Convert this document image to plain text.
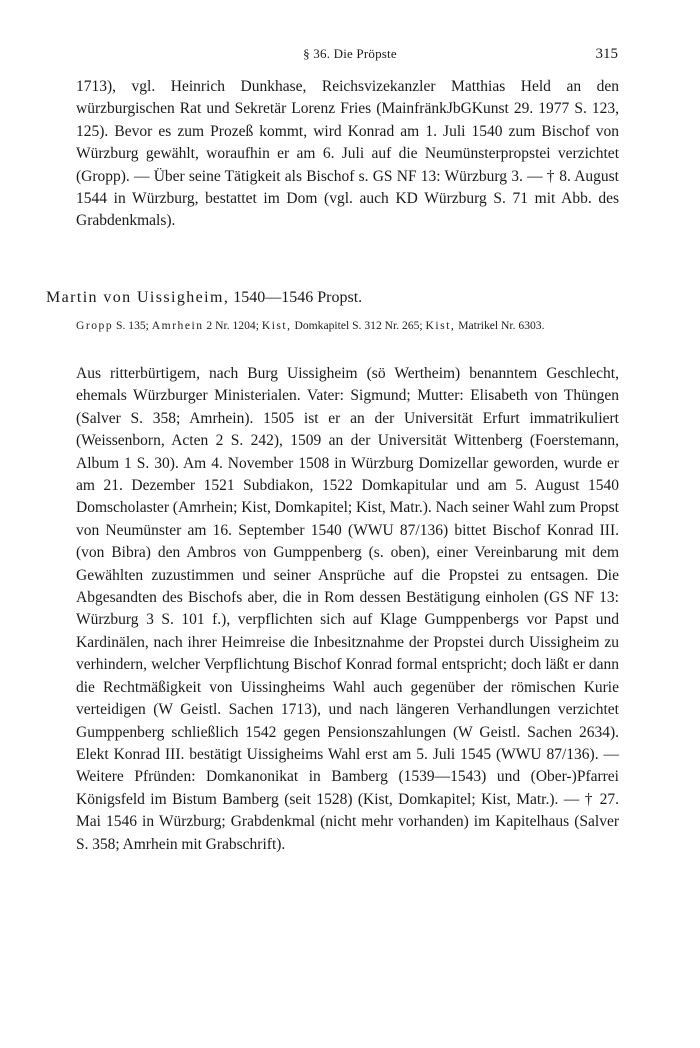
§ 36. Die Pröpste	315

1713), vgl. Heinrich Dunkhase, Reichsvizekanzler Matthias Held an den würzburgischen Rat und Sekretär Lorenz Fries (MainfränkJbGKunst 29. 1977 S. 123, 125). Bevor es zum Prozeß kommt, wird Konrad am 1. Juli 1540 zum Bischof von Würzburg gewählt, woraufhin er am 6. Juli auf die Neumünsterpropstei verzichtet (Gropp). — Über seine Tätigkeit als Bischof s. GS NF 13: Würzburg 3. — † 8. August 1544 in Würzburg, bestattet im Dom (vgl. auch KD Würzburg S. 71 mit Abb. des Grabdenkmals).

Martin von Uissigheim, 1540—1546 Propst.
Gropp S. 135; Amrhein 2 Nr. 1204; Kist, Domkapitel S. 312 Nr. 265; Kist, Matrikel Nr. 6303.

Aus ritterbürtigem, nach Burg Uissigheim (sö Wertheim) benanntem Geschlecht, ehemals Würzburger Ministerialen. Vater: Sigmund; Mutter: Elisabeth von Thüngen (Salver S. 358; Amrhein). 1505 ist er an der Universität Erfurt immatrikuliert (Weissenborn, Acten 2 S. 242), 1509 an der Universität Wittenberg (Foerstemann, Album 1 S. 30). Am 4. November 1508 in Würzburg Domizellar geworden, wurde er am 21. Dezember 1521 Subdiakon, 1522 Domkapitular und am 5. August 1540 Domscholaster (Amrhein; Kist, Domkapitel; Kist, Matr.). Nach seiner Wahl zum Propst von Neumünster am 16. September 1540 (WWU 87/136) bittet Bischof Konrad III. (von Bibra) den Ambros von Gumppenberg (s. oben), einer Vereinbarung mit dem Gewählten zuzustimmen und seiner Ansprüche auf die Propstei zu entsagen. Die Abgesandten des Bischofs aber, die in Rom dessen Bestätigung einholen (GS NF 13: Würzburg 3 S. 101 f.), verpflichten sich auf Klage Gumppenbergs vor Papst und Kardinälen, nach ihrer Heimreise die Inbesitznahme der Propstei durch Uissigheim zu verhindern, welcher Verpflichtung Bischof Konrad formal entspricht; doch läßt er dann die Rechtmäßigkeit von Uissingheims Wahl auch gegenüber der römischen Kurie verteidigen (W Geistl. Sachen 1713), und nach längeren Verhandlungen verzichtet Gumppenberg schließlich 1542 gegen Pensionszahlungen (W Geistl. Sachen 2634). Elekt Konrad III. bestätigt Uissigheims Wahl erst am 5. Juli 1545 (WWU 87/136). — Weitere Pfründen: Domkanonikat in Bamberg (1539—1543) und (Ober-)Pfarrei Königsfeld im Bistum Bamberg (seit 1528) (Kist, Domkapitel; Kist, Matr.). — † 27. Mai 1546 in Würzburg; Grabdenkmal (nicht mehr vorhanden) im Kapitelhaus (Salver S. 358; Amrhein mit Grabschrift).
